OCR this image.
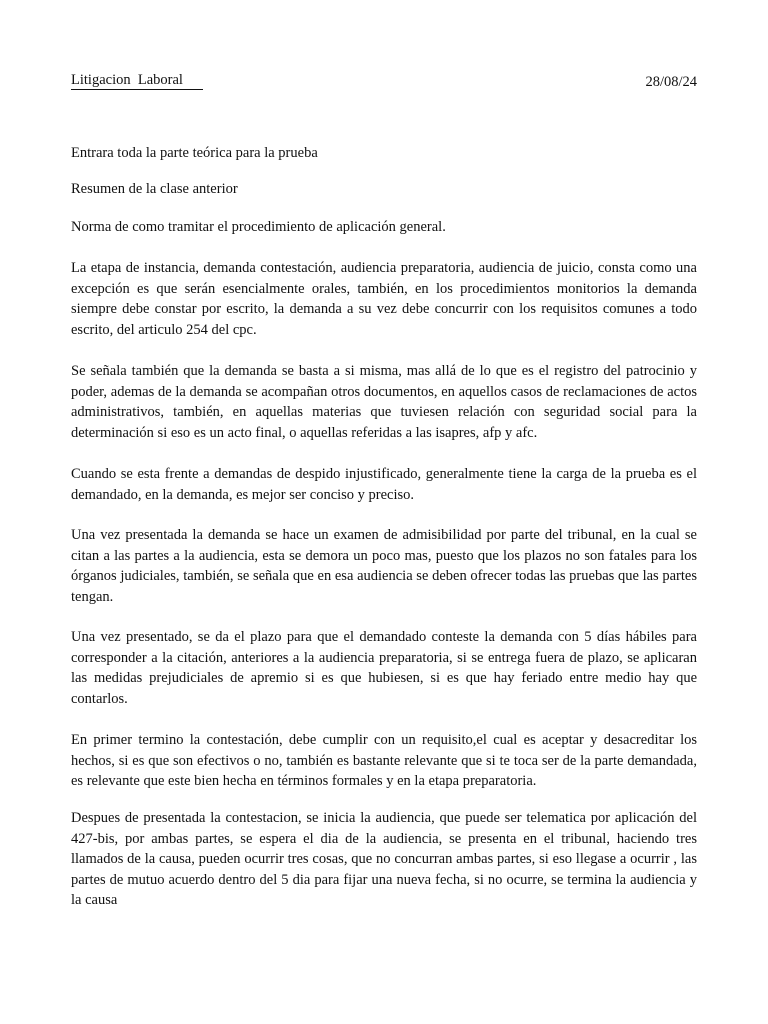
Litigacion  Laboral	28/08/24
Entrara toda la parte teórica para la prueba
Resumen de la clase anterior
Norma de como tramitar el procedimiento de aplicación general.
La etapa de instancia, demanda contestación, audiencia preparatoria, audiencia de juicio, consta como una excepción es que serán esencialmente orales, también, en los procedimientos monitorios la demanda siempre debe constar por escrito, la demanda a su vez debe concurrir con los requisitos comunes a todo escrito, del articulo 254 del cpc.
Se señala también que la demanda se basta a si misma, mas allá de lo que es el registro del patrocinio y poder, ademas de la demanda se acompañan otros documentos, en aquellos casos de reclamaciones de actos administrativos, también, en aquellas materias que tuviesen relación con seguridad social para la determinación si eso es un acto final, o aquellas referidas a las isapres, afp y afc.
Cuando se esta frente a demandas de despido injustificado, generalmente tiene la carga de la prueba es el demandado, en la demanda, es mejor ser conciso y preciso.
Una vez presentada la demanda se hace un examen de admisibilidad por parte del tribunal, en la cual se citan a las partes a la audiencia, esta se demora un poco mas, puesto que los plazos no son fatales para los órganos judiciales, también, se señala que en esa audiencia se deben ofrecer todas las pruebas que las partes tengan.
Una vez presentado, se da el plazo para que el demandado conteste la demanda con 5 días hábiles para corresponder a la citación, anteriores a la audiencia preparatoria, si se entrega fuera de plazo, se aplicaran las medidas prejudiciales de apremio si es que hubiesen, si es que hay feriado entre medio hay que contarlos.
En primer termino la contestación, debe cumplir con un requisito,el cual es aceptar y desacreditar los hechos, si es que son efectivos o no, también es bastante relevante que si te toca ser de la parte demandada, es relevante que este bien hecha en términos formales y en la etapa preparatoria.
Despues de presentada la contestacion, se inicia la audiencia, que puede ser telematica por aplicación del 427-bis, por ambas partes, se espera el dia de la audiencia, se presenta en el tribunal, haciendo tres llamados de la causa, pueden ocurrir tres cosas, que no concurran ambas partes, si eso llegase a ocurrir , las partes de mutuo acuerdo dentro del 5 dia para fijar una nueva fecha, si no ocurre, se termina la audiencia y la causa
